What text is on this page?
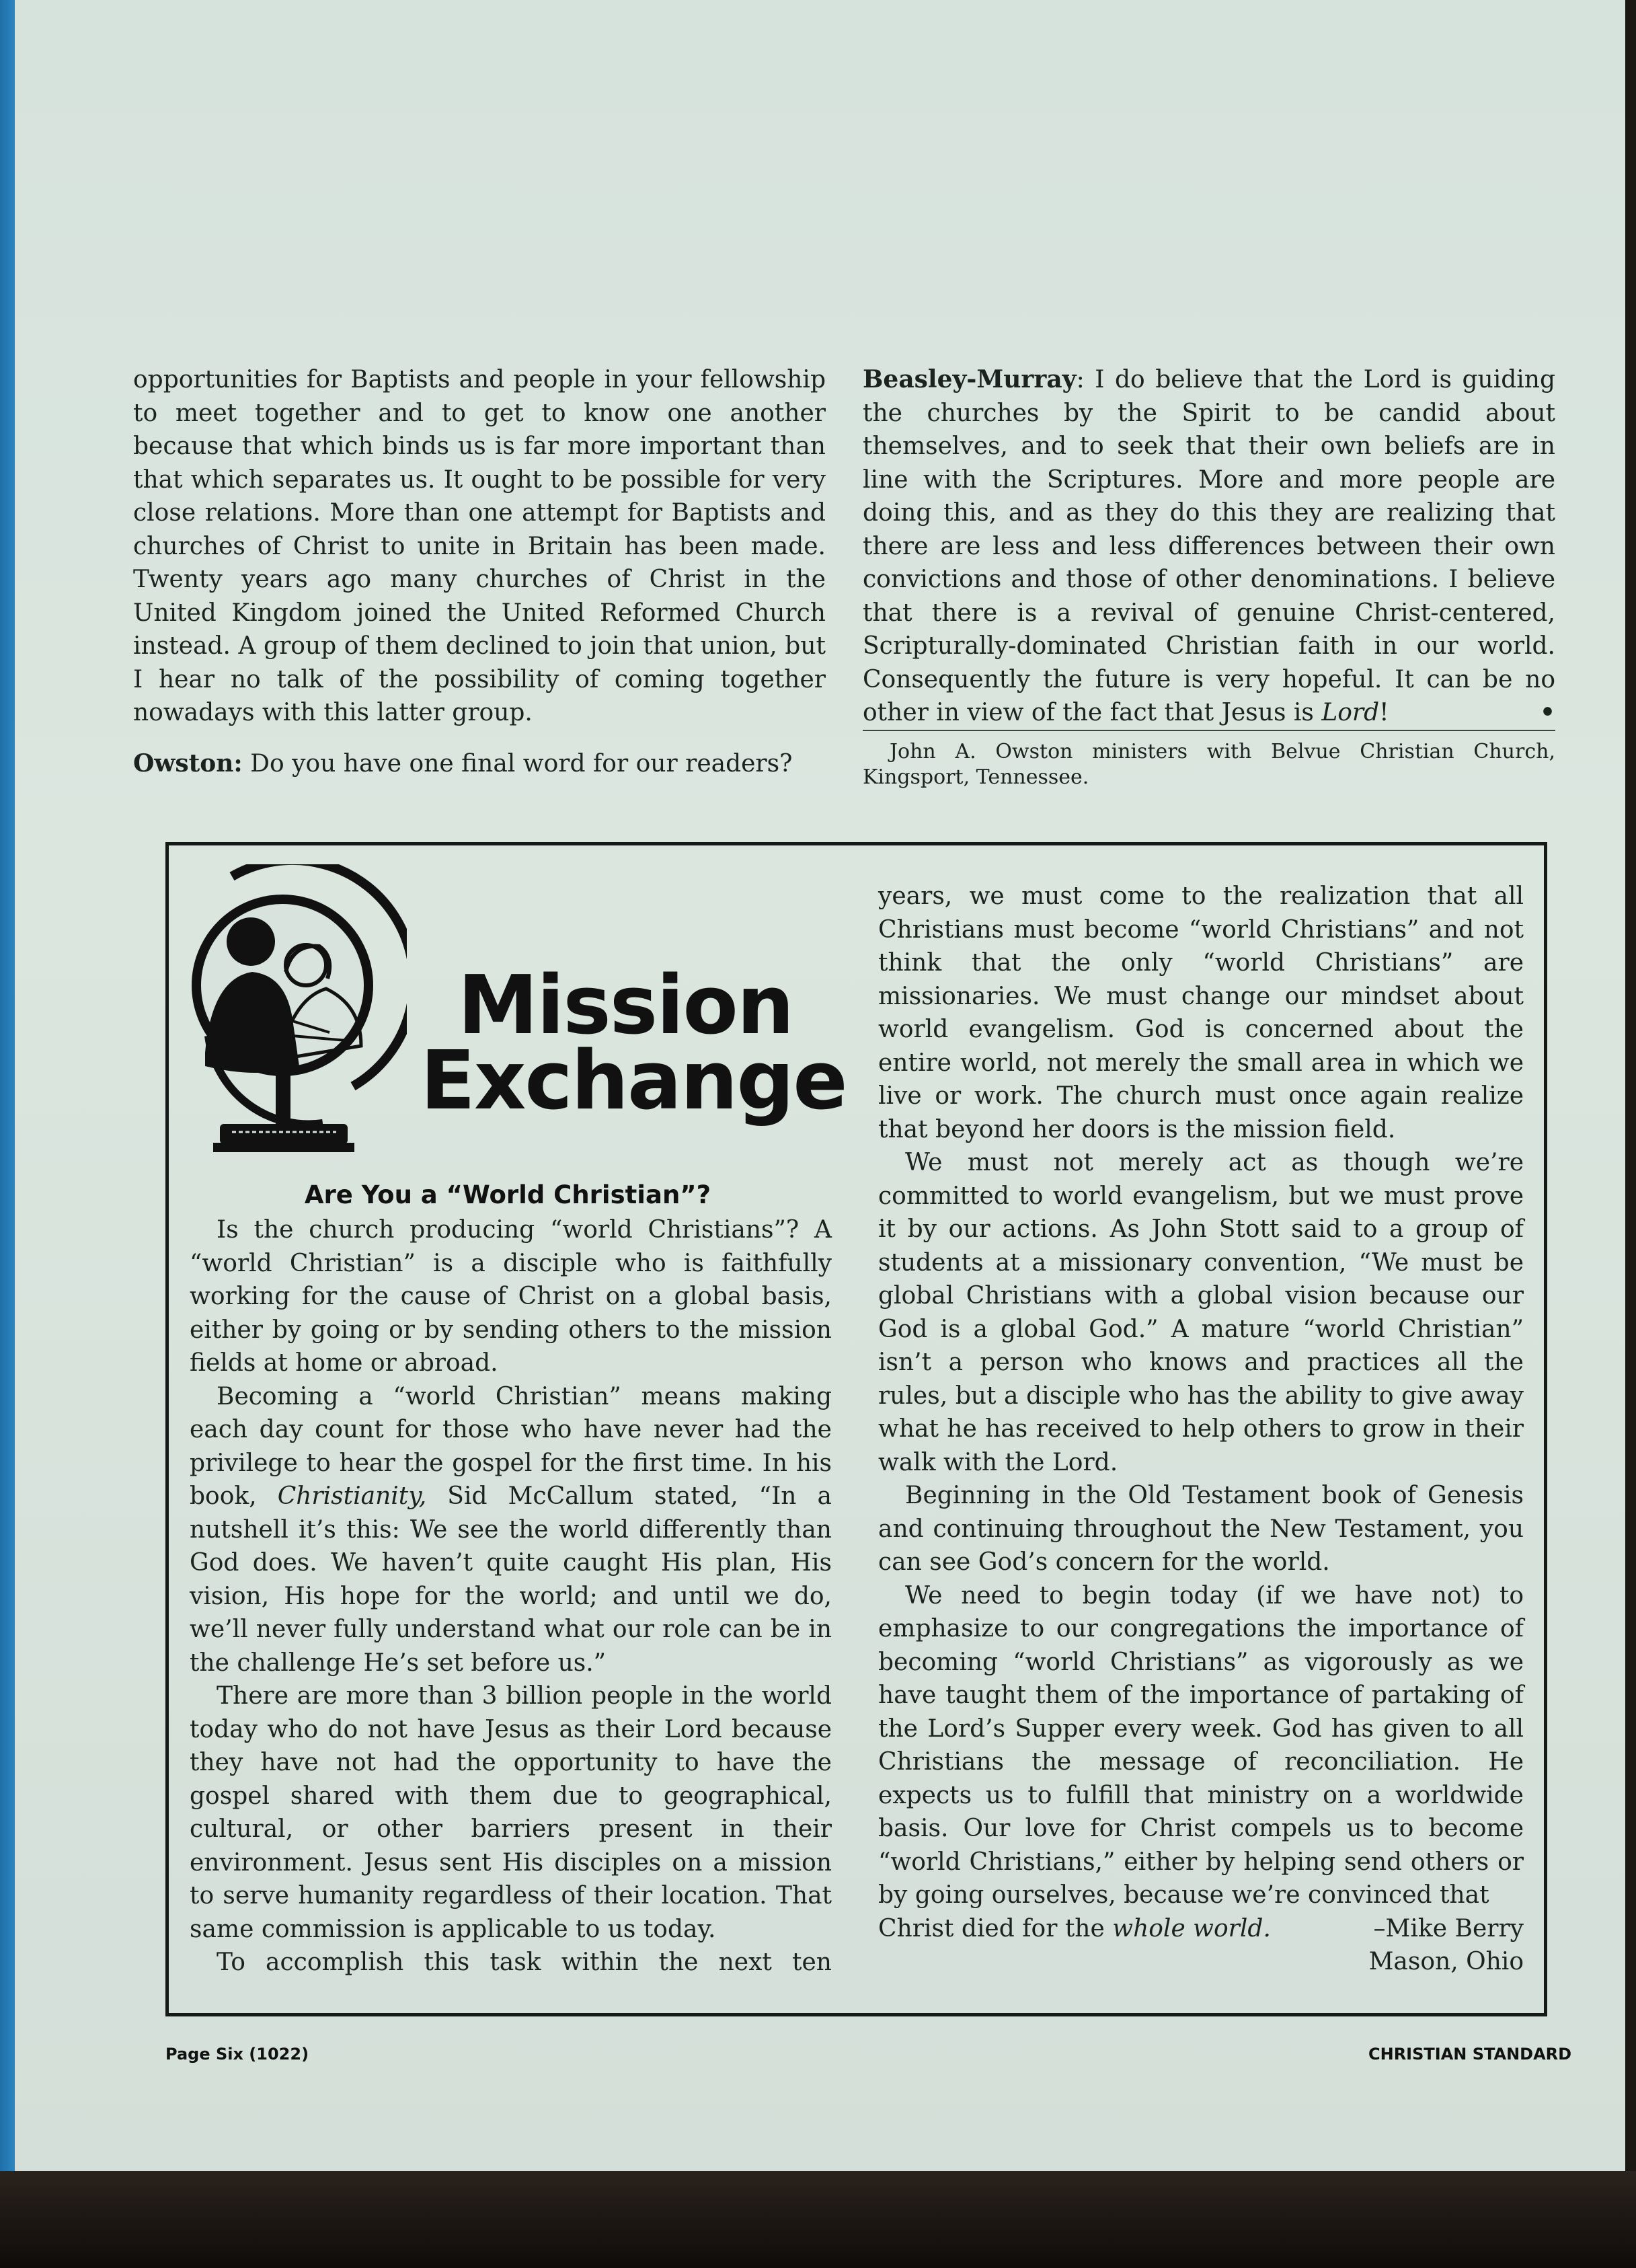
opportunities for Baptists and people in your fellowship to meet together and to get to know one another because that which binds us is far more important than that which separates us. It ought to be possible for very close relations. More than one attempt for Baptists and churches of Christ to unite in Britain has been made. Twenty years ago many churches of Christ in the United Kingdom joined the United Reformed Church instead. A group of them declined to join that union, but I hear no talk of the possibility of coming together nowadays with this latter group.

Owston: Do you have one final word for our readers?

Beasley-Murray: I do believe that the Lord is guiding the churches by the Spirit to be candid about themselves, and to seek that their own beliefs are in line with the Scriptures. More and more people are doing this, and as they do this they are realizing that there are less and less differences between their own convictions and those of other denominations. I believe that there is a revival of genuine Christ-centered, Scripturally-dominated Christian faith in our world. Consequently the future is very hopeful. It can be no other in view of the fact that Jesus is Lord!	•

John A. Owston ministers with Belvue Christian Church, Kingsport, Tennessee.

Mission
Exchange
Are You a “World Christian”?

Is the church producing “world Christians”? A “world Christian” is a disciple who is faithfully working for the cause of Christ on a global basis, either by going or by sending others to the mission fields at home or abroad.

Becoming a “world Christian” means making each day count for those who have never had the privilege to hear the gospel for the first time. In his book, Christianity, Sid McCallum stated, “In a nutshell it’s this: We see the world differently than God does. We haven’t quite caught His plan, His vision, His hope for the world; and until we do, we’ll never fully understand what our role can be in the challenge He’s set before us.”

There are more than 3 billion people in the world today who do not have Jesus as their Lord because they have not had the opportunity to have the gospel shared with them due to geographical, cultural, or other barriers present in their environment. Jesus sent His disciples on a mission to serve humanity regardless of their location. That same commission is applicable to us today.

To accomplish this task within the next ten

years, we must come to the realization that all Christians must become “world Christians” and not think that the only “world Christians” are missionaries. We must change our mindset about world evangelism. God is concerned about the entire world, not merely the small area in which we live or work. The church must once again realize that beyond her doors is the mission field.

We must not merely act as though we’re committed to world evangelism, but we must prove it by our actions. As John Stott said to a group of students at a missionary convention, “We must be global Christians with a global vision because our God is a global God.” A mature “world Christian” isn’t a person who knows and practices all the rules, but a disciple who has the ability to give away what he has received to help others to grow in their walk with the Lord.

Beginning in the Old Testament book of Genesis and continuing throughout the New Testament, you can see God’s concern for the world.

We need to begin today (if we have not) to emphasize to our congregations the importance of becoming “world Christians” as vigorously as we have taught them of the importance of partaking of the Lord’s Supper every week. God has given to all Christians the message of reconciliation. He expects us to fulfill that ministry on a worldwide basis. Our love for Christ compels us to become “world Christians,” either by helping send others or by going ourselves, because we’re convinced that

Christ died for the whole world.	–Mike Berry

Mason, Ohio

Page Six (1022)	CHRISTIAN STANDARD
